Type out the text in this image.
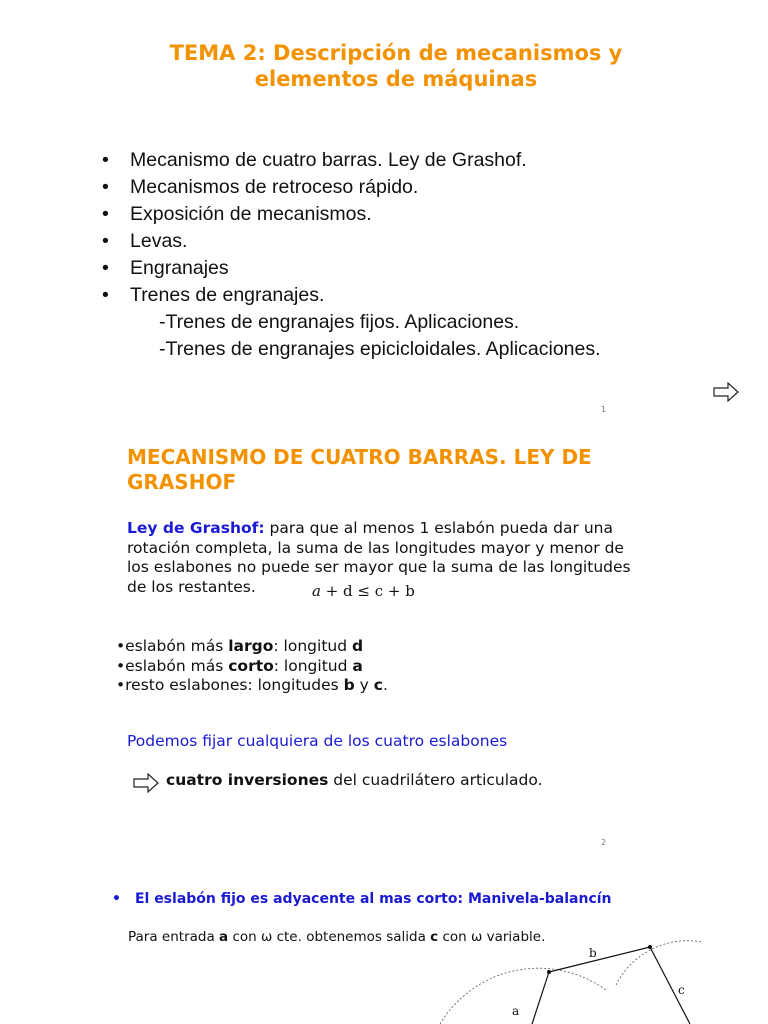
TEMA 2: Descripción de mecanismos y
elementos de máquinas
• Mecanismo de cuatro barras. Ley de Grashof.
• Mecanismos de retroceso rápido.
• Exposición de mecanismos.
• Levas.
• Engranajes
• Trenes de engranajes.
-Trenes de engranajes fijos. Aplicaciones.
-Trenes de engranajes epicicloidales. Aplicaciones.
1
MECANISMO DE CUATRO BARRAS. LEY DE
GRASHOF
Ley de Grashof: para que al menos 1 eslabón pueda dar una
rotación completa, la suma de las longitudes mayor y menor de
los eslabones no puede ser mayor que la suma de las longitudes
de los restantes.	a + d ≤ c + b
•eslabón más largo: longitud d
•eslabón más corto: longitud a
•resto eslabones: longitudes b y c.
Podemos fijar cualquiera de los cuatro eslabones
cuatro inversiones del cuadrilátero articulado.
2
• El eslabón fijo es adyacente al mas corto: Manivela-balancín
Para entrada a con ω cte. obtenemos salida c con ω variable.
b
c
a
